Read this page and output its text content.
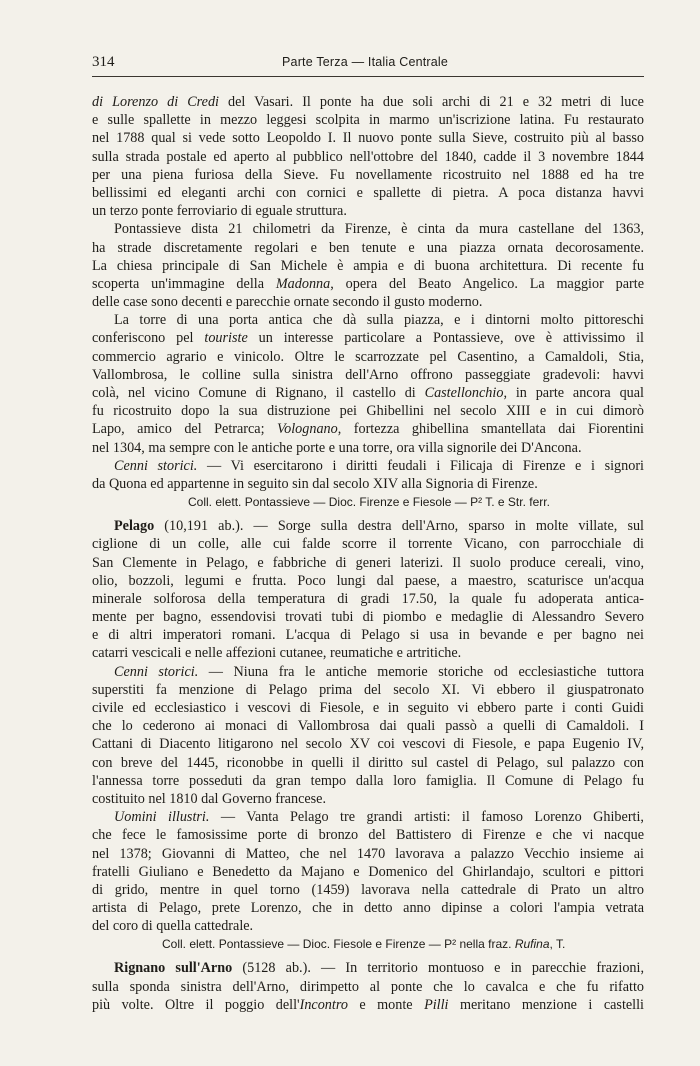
314	Parte Terza — Italia Centrale
di Lorenzo di Credi del Vasari. Il ponte ha due soli archi di 21 e 32 metri di luce
e sulle spallette in mezzo leggesi scolpita in marmo un'iscrizione latina. Fu restaurato
nel 1788 qual si vede sotto Leopoldo I. Il nuovo ponte sulla Sieve, costruito più al basso
sulla strada postale ed aperto al pubblico nell'ottobre del 1840, cadde il 3 novembre 1844
per una piena furiosa della Sieve. Fu novellamente ricostruito nel 1888 ed ha tre
bellissimi ed eleganti archi con cornici e spallette di pietra. A poca distanza havvi
un terzo ponte ferroviario di eguale struttura.
Pontassieve dista 21 chilometri da Firenze, è cinta da mura castellane del 1363,
ha strade discretamente regolari e ben tenute e una piazza ornata decorosamente.
La chiesa principale di San Michele è ampia e di buona architettura. Di recente fu
scoperta un'immagine della Madonna, opera del Beato Angelico. La maggior parte
delle case sono decenti e parecchie ornate secondo il gusto moderno.
La torre di una porta antica che dà sulla piazza, e i dintorni molto pittoreschi
conferiscono pel touriste un interesse particolare a Pontassieve, ove è attivissimo il
commercio agrario e vinicolo. Oltre le scarrozzate pel Casentino, a Camaldoli, Stia,
Vallombrosa, le colline sulla sinistra dell'Arno offrono passeggiate gradevoli: havvi
colà, nel vicino Comune di Rignano, il castello di Castellonchio, in parte ancora qual
fu ricostruito dopo la sua distruzione pei Ghibellini nel secolo XIII e in cui dimorò
Lapo, amico del Petrarca; Volognano, fortezza ghibellina smantellata dai Fiorentini
nel 1304, ma sempre con le antiche porte e una torre, ora villa signorile dei D'Ancona.
Cenni storici. — Vi esercitarono i diritti feudali i Filicaja di Firenze e i signori
da Quona ed appartenne in seguito sin dal secolo XIV alla Signoria di Firenze.
Coll. elett. Pontassieve — Dioc. Firenze e Fiesole — P² T. e Str. ferr.
Pelago (10,191 ab.). — Sorge sulla destra dell'Arno, sparso in molte villate, sul
ciglione di un colle, alle cui falde scorre il torrente Vicano, con parrocchiale di
San Clemente in Pelago, e fabbriche di generi laterizi. Il suolo produce cereali, vino,
olio, bozzoli, legumi e frutta. Poco lungi dal paese, a maestro, scaturisce un'acqua
minerale solforosa della temperatura di gradi 17.50, la quale fu adoperata antica-
mente per bagno, essendovisi trovati tubi di piombo e medaglie di Alessandro Severo
e di altri imperatori romani. L'acqua di Pelago si usa in bevande e per bagno nei
catarri vescicali e nelle affezioni cutanee, reumatiche e artritiche.
Cenni storici. — Niuna fra le antiche memorie storiche od ecclesiastiche tuttora
superstiti fa menzione di Pelago prima del secolo XI. Vi ebbero il giuspatronato
civile ed ecclesiastico i vescovi di Fiesole, e in seguito vi ebbero parte i conti Guidi
che lo cederono ai monaci di Vallombrosa dai quali passò a quelli di Camaldoli. I
Cattani di Diacento litigarono nel secolo XV coi vescovi di Fiesole, e papa Eugenio IV,
con breve del 1445, riconobbe in quelli il diritto sul castel di Pelago, sul palazzo con
l'annessa torre posseduti da gran tempo dalla loro famiglia. Il Comune di Pelago fu
costituito nel 1810 dal Governo francese.
Uomini illustri. — Vanta Pelago tre grandi artisti: il famoso Lorenzo Ghiberti,
che fece le famosissime porte di bronzo del Battistero di Firenze e che vi nacque
nel 1378; Giovanni di Matteo, che nel 1470 lavorava a palazzo Vecchio insieme ai
fratelli Giuliano e Benedetto da Majano e Domenico del Ghirlandajo, scultori e pittori
di grido, mentre in quel torno (1459) lavorava nella cattedrale di Prato un altro
artista di Pelago, prete Lorenzo, che in detto anno dipinse a colori l'ampia vetrata
del coro di quella cattedrale.
Coll. elett. Pontassieve — Dioc. Fiesole e Firenze — P² nella fraz. Rufina, T.
Rignano sull'Arno (5128 ab.). — In territorio montuoso e in parecchie frazioni,
sulla sponda sinistra dell'Arno, dirimpetto al ponte che lo cavalca e che fu rifatto
più volte. Oltre il poggio dell'Incontro e monte Pilli meritano menzione i castelli
